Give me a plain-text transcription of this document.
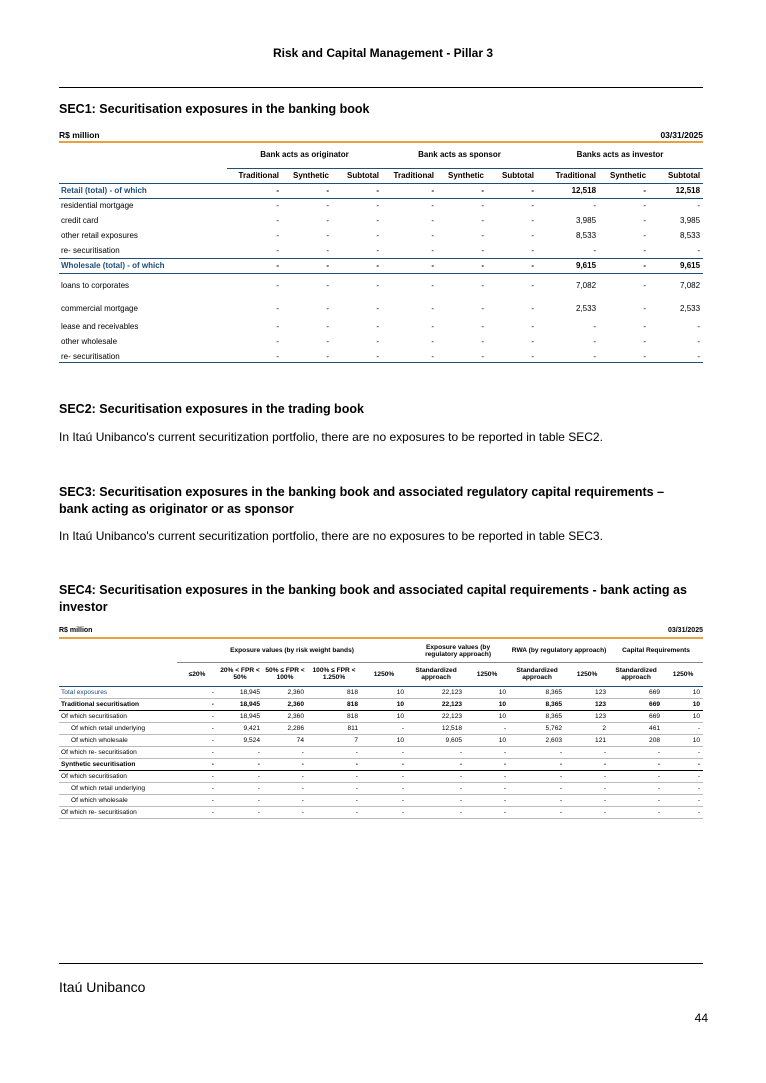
Risk and Capital Management - Pillar 3
SEC1: Securitisation exposures in the banking book
R$ million	03/31/2025
	Bank acts as originator			Bank acts as sponsor			Banks acts as investor		

	Traditional	Synthetic	Subtotal	Traditional	Synthetic	Subtotal	Traditional	Synthetic	Subtotal
Retail (total) - of which	-	-	-	-	-	-	12,518	-	12,518
residential mortgage	-	-	-	-	-	-	-	-	-
credit card	-	-	-	-	-	-	3,985	-	3,985
other retail exposures	-	-	-	-	-	-	8,533	-	8,533
re- securitisation	-	-	-	-	-	-	-	-	-
Wholesale (total) - of which	-	-	-	-	-	-	9,615	-	9,615
loans to corporates	-	-	-	-	-	-	7,082	-	7,082
commercial mortgage	-	-	-	-	-	-	2,533	-	2,533
lease and receivables	-	-	-	-	-	-	-	-	-
other wholesale	-	-	-	-	-	-	-	-	-
re- securitisation	-	-	-	-	-	-	-	-	-
SEC2: Securitisation exposures in the trading book
In Itaú Unibanco's current securitization portfolio, there are no exposures to be reported in table SEC2.
SEC3: Securitisation exposures in the banking book and associated regulatory capital requirements –
bank acting as originator or as sponsor
In Itaú Unibanco's current securitization portfolio, there are no exposures to be reported in table SEC3.
SEC4: Securitisation exposures in the banking book and associated capital requirements - bank acting as
investor
R$ million	03/31/2025
	Exposure values (by risk weight bands)					Exposure values (by regulatory approach)		RWA (by regulatory approach)		Capital Requirements	
	≤20%	20% < FPR < 50%	50% ≤ FPR < 100%	100% ≤ FPR < 1.250%	1250%	Standardized approach	1250%	Standardized approach	1250%	Standardized approach	1250%
Total exposures	-	18,945	2,360	818	10	22,123	10	8,365	123	669	10
Traditional securitisation	-	18,945	2,360	818	10	22,123	10	8,365	123	669	10
Of which securitisation	-	18,945	2,360	818	10	22,123	10	8,365	123	669	10
Of which retail underlying	-	9,421	2,286	811	-	12,518	-	5,762	2	461	-
Of which wholesale	-	9,524	74	7	10	9,605	10	2,603	121	208	10
Of which re- securitisation	-	-	-	-	-	-	-	-	-	-	-
Synthetic securitisation	-	-	-	-	-	-	-	-	-	-	-
Of which securitisation	-	-	-	-	-	-	-	-	-	-	-
Of which retail underlying	-	-	-	-	-	-	-	-	-	-	-
Of which wholesale	-	-	-	-	-	-	-	-	-	-	-
Of which re- securitisation	-	-	-	-	-	-	-	-	-	-	-
Itaú Unibanco
44
